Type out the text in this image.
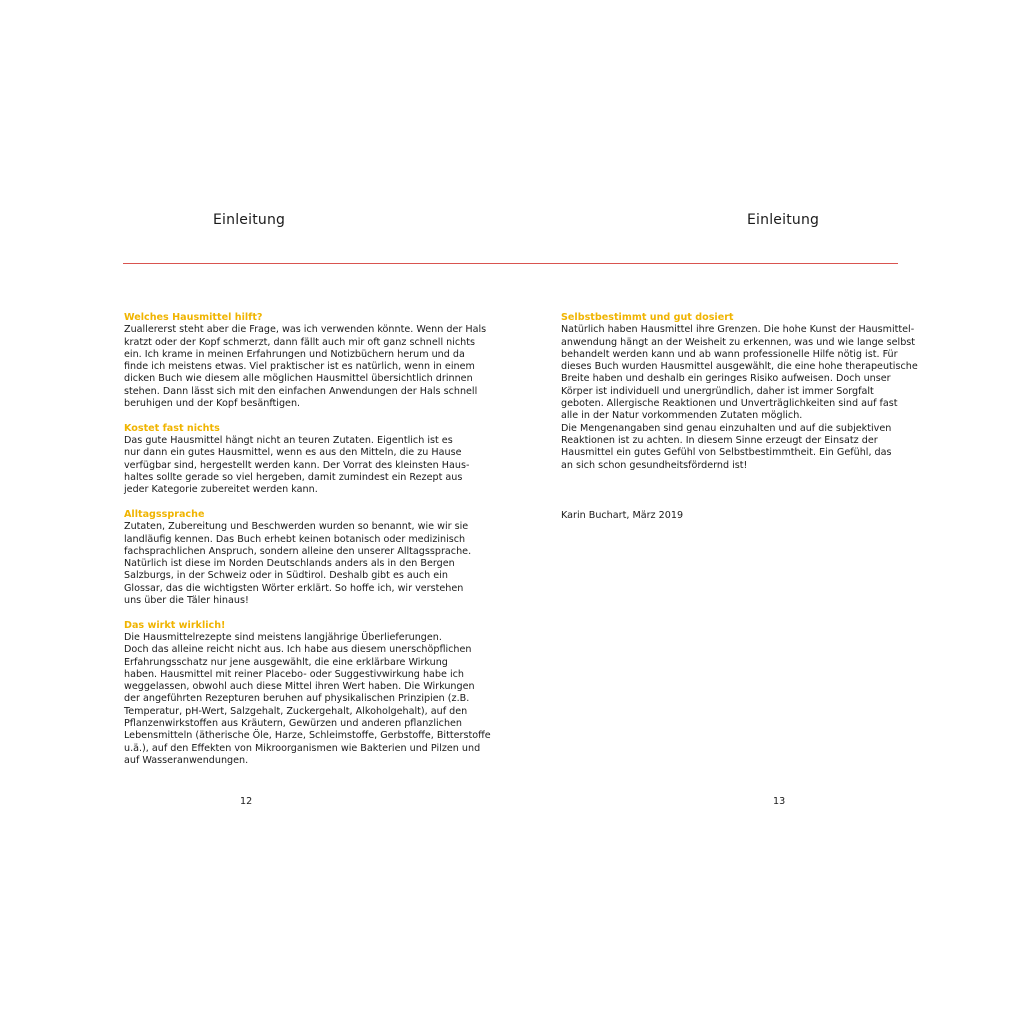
Einleitung	Einleitung
Welches Hausmittel hilft?
Zuallererst steht aber die Frage, was ich verwenden könnte. Wenn der Hals
kratzt oder der Kopf schmerzt, dann fällt auch mir oft ganz schnell nichts
ein. Ich krame in meinen Erfahrungen und Notizbüchern herum und da
finde ich meistens etwas. Viel praktischer ist es natürlich, wenn in einem
dicken Buch wie diesem alle möglichen Hausmittel übersichtlich drinnen
stehen. Dann lässt sich mit den einfachen Anwendungen der Hals schnell
beruhigen und der Kopf besänftigen.
Kostet fast nichts
Das gute Hausmittel hängt nicht an teuren Zutaten. Eigentlich ist es
nur dann ein gutes Hausmittel, wenn es aus den Mitteln, die zu Hause
verfügbar sind, hergestellt werden kann. Der Vorrat des kleinsten Haus-
haltes sollte gerade so viel hergeben, damit zumindest ein Rezept aus
jeder Kategorie zubereitet werden kann.
Alltagssprache
Zutaten, Zubereitung und Beschwerden wurden so benannt, wie wir sie
landläufig kennen. Das Buch erhebt keinen botanisch oder medizinisch
fachsprachlichen Anspruch, sondern alleine den unserer Alltagssprache.
Natürlich ist diese im Norden Deutschlands anders als in den Bergen
Salzburgs, in der Schweiz oder in Südtirol. Deshalb gibt es auch ein
Glossar, das die wichtigsten Wörter erklärt. So hoffe ich, wir verstehen
uns über die Täler hinaus!
Das wirkt wirklich!
Die Hausmittelrezepte sind meistens langjährige Überlieferungen.
Doch das alleine reicht nicht aus. Ich habe aus diesem unerschöpflichen
Erfahrungsschatz nur jene ausgewählt, die eine erklärbare Wirkung
haben. Hausmittel mit reiner Placebo- oder Suggestivwirkung habe ich
weggelassen, obwohl auch diese Mittel ihren Wert haben. Die Wirkungen
der angeführten Rezepturen beruhen auf physikalischen Prinzipien (z.B.
Temperatur, pH-Wert, Salzgehalt, Zuckergehalt, Alkoholgehalt), auf den
Pflanzenwirkstoffen aus Kräutern, Gewürzen und anderen pflanzlichen
Lebensmitteln (ätherische Öle, Harze, Schleimstoffe, Gerbstoffe, Bitterstoffe
u.ä.), auf den Effekten von Mikroorganismen wie Bakterien und Pilzen und
auf Wasseranwendungen.
Selbstbestimmt und gut dosiert
Natürlich haben Hausmittel ihre Grenzen. Die hohe Kunst der Hausmittel-
anwendung hängt an der Weisheit zu erkennen, was und wie lange selbst
behandelt werden kann und ab wann professionelle Hilfe nötig ist. Für
dieses Buch wurden Hausmittel ausgewählt, die eine hohe therapeutische
Breite haben und deshalb ein geringes Risiko aufweisen. Doch unser
Körper ist individuell und unergründlich, daher ist immer Sorgfalt
geboten. Allergische Reaktionen und Unverträglichkeiten sind auf fast
alle in der Natur vorkommenden Zutaten möglich.
Die Mengenangaben sind genau einzuhalten und auf die subjektiven
Reaktionen ist zu achten. In diesem Sinne erzeugt der Einsatz der
Hausmittel ein gutes Gefühl von Selbstbestimmtheit. Ein Gefühl, das
an sich schon gesundheitsfördernd ist!
Karin Buchart, März 2019
12	13
